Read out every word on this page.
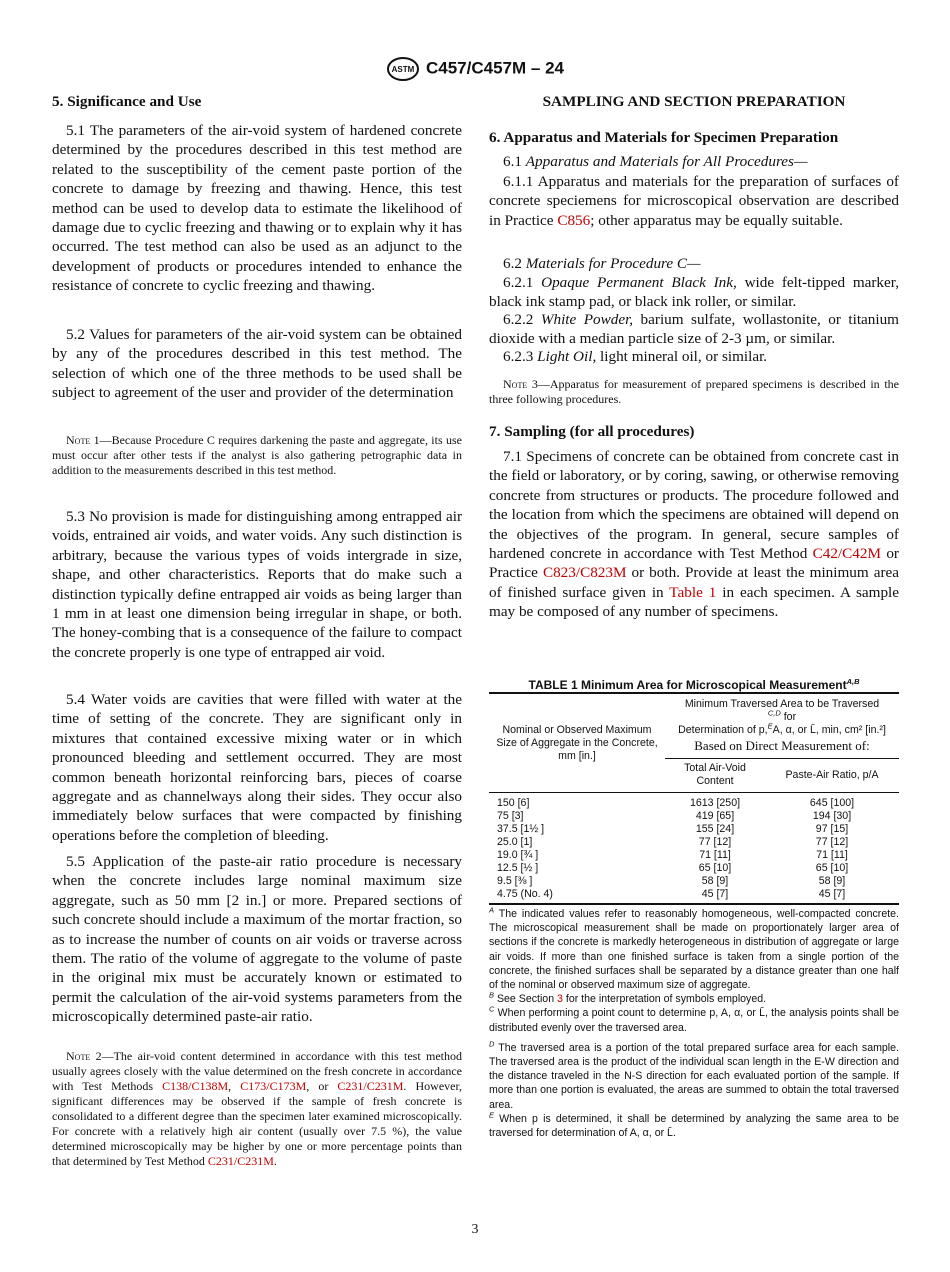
ASTM C457/C457M – 24
5. Significance and Use

5.1 The parameters of the air-void system of hardened concrete determined by the procedures described in this test method are related to the susceptibility of the cement paste portion of the concrete to damage by freezing and thawing. Hence, this test method can be used to develop data to estimate the likelihood of damage due to cyclic freezing and thawing or to explain why it has occurred. The test method can also be used as an adjunct to the development of products or procedures intended to enhance the resistance of concrete to cyclic freezing and thawing.

5.2 Values for parameters of the air-void system can be obtained by any of the procedures described in this test method. The selection of which one of the three methods to be used shall be subject to agreement of the user and provider of the determination

Note 1—Because Procedure C requires darkening the paste and aggregate, its use must occur after other tests if the analyst is also gathering petrographic data in addition to the measurements described in this test method.

5.3 No provision is made for distinguishing among entrapped air voids, entrained air voids, and water voids. Any such distinction is arbitrary, because the various types of voids intergrade in size, shape, and other characteristics. Reports that do make such a distinction typically define entrapped air voids as being larger than 1 mm in at least one dimension being irregular in shape, or both. The honey-combing that is a consequence of the failure to compact the concrete properly is one type of entrapped air void.

5.4 Water voids are cavities that were filled with water at the time of setting of the concrete. They are significant only in mixtures that contained excessive mixing water or in which pronounced bleeding and settlement occurred. They are most common beneath horizontal reinforcing bars, pieces of coarse aggregate and as channelways along their sides. They occur also immediately below surfaces that were compacted by finishing operations before the completion of bleeding.

5.5 Application of the paste-air ratio procedure is necessary when the concrete includes large nominal maximum size aggregate, such as 50 mm [2 in.] or more. Prepared sections of such concrete should include a maximum of the mortar fraction, so as to increase the number of counts on air voids or traverse across them. The ratio of the volume of aggregate to the volume of paste in the original mix must be accurately known or estimated to permit the calculation of the air-void systems parameters from the microscopically determined paste-air ratio.

Note 2—The air-void content determined in accordance with this test method usually agrees closely with the value determined on the fresh concrete in accordance with Test Methods C138/C138M, C173/C173M, or C231/C231M. However, significant differences may be observed if the sample of fresh concrete is consolidated to a different degree than the specimen later examined microscopically. For concrete with a relatively high air content (usually over 7.5 %), the value determined microscopically may be higher by one or more percentage points than that determined by Test Method C231/C231M.

SAMPLING AND SECTION PREPARATION
6. Apparatus and Materials for Specimen Preparation

6.1 Apparatus and Materials for All Procedures—

6.1.1 Apparatus and materials for the preparation of surfaces of concrete speciemens for microscopical observation are described in Practice C856; other apparatus may be equally suitable.

6.2 Materials for Procedure C—

6.2.1 Opaque Permanent Black Ink, wide felt-tipped marker, black ink stamp pad, or black ink roller, or similar.

6.2.2 White Powder, barium sulfate, wollastonite, or titanium dioxide with a median particle size of 2-3 µm, or similar.

6.2.3 Light Oil, light mineral oil, or similar.

Note 3—Apparatus for measurement of prepared specimens is described in the three following procedures.

7. Sampling (for all procedures)

7.1 Specimens of concrete can be obtained from concrete cast in the field or laboratory, or by coring, sawing, or otherwise removing concrete from structures or products. The procedure followed and the location from which the specimens are obtained will depend on the objectives of the program. In general, secure samples of hardened concrete in accordance with Test Method C42/C42M or Practice C823/C823M or both. Provide at least the minimum area of finished surface given in Table 1 in each specimen. A sample may be composed of any number of specimens.

TABLE 1 Minimum Area for Microscopical Measurement$^{A,B}$
Nominal or Observed Maximum Size of Aggregate in the Concrete, mm [in.]	Minimum Traversed Area to be Traversed
$^{C,D}$ for
Determination of p,$^E$A, α, or L̄, min, cm² [in.²]
Based on Direct Measurement of:	
	Total Air-Void Content	Paste-Air Ratio, p/A
150 [6]	1613 [250]	645 [100]
75 [3]	419 [65]	194 [30]
37.5 [1½ ]	155 [24]	97 [15]
25.0 [1]	77 [12]	77 [12]
19.0 [¾ ]	71 [11]	71 [11]
12.5 [½ ]	65 [10]	65 [10]
9.5 [⅜ ]	58 [9]	58 [9]
4.75 (No. 4)	45 [7]	45 [7]

$^A$ The indicated values refer to reasonably homogeneous, well-compacted concrete. The microscopical measurement shall be made on proportionately larger area of sections if the concrete is markedly heterogeneous in distribution of aggregate or large air voids. If more than one finished surface is taken from a single portion of the concrete, the finished surfaces shall be separated by a distance greater than one half of the nominal or observed maximum size of aggregate.

$^B$ See Section 3 for the interpretation of symbols employed.

$^C$ When performing a point count to determine p, A, α, or L̄, the analysis points shall be distributed evenly over the traversed area.

$^D$ The traversed area is a portion of the total prepared surface area for each sample. The traversed area is the product of the individual scan length in the E-W direction and the distance traveled in the N-S direction for each evaluated portion of the sample. If more than one portion is evaluated, the areas are summed to obtain the total traversed area.

$^E$ When p is determined, it shall be determined by analyzing the same area to be traversed for determination of A, α, or L̄.

3
